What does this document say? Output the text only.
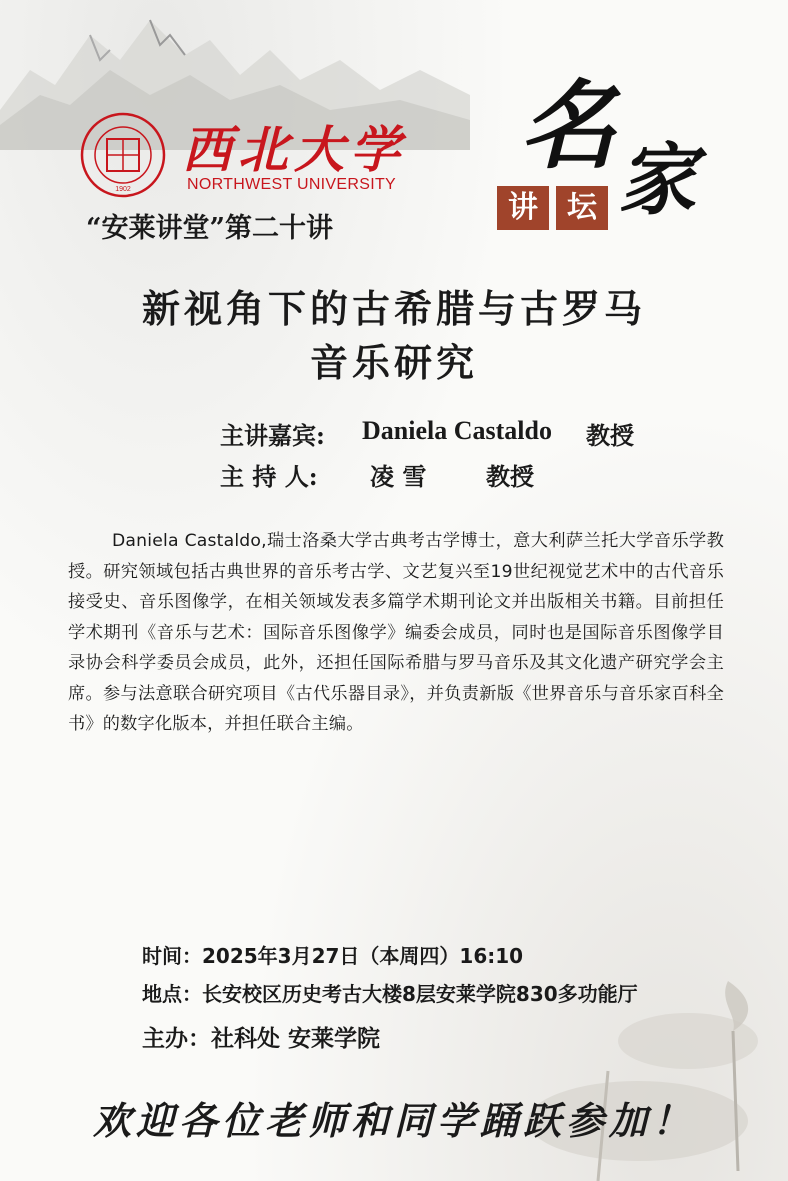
1902
西北大学
NORTHWEST UNIVERSITY
名 家
讲 坛
“安莱讲堂”第二十讲
新视角下的古希腊与古罗马
音乐研究
主讲嘉宾: Daniela Castaldo 教授
主 持 人: 凌 雪 教授

Daniela Castaldo,瑞士洛桑大学古典考古学博士，意大利萨兰托大学音乐学教授。研究领域包括古典世界的音乐考古学、文艺复兴至19世纪视觉艺术中的古代音乐接受史、音乐图像学，在相关领域发表多篇学术期刊论文并出版相关书籍。目前担任学术期刊《音乐与艺术：国际音乐图像学》编委会成员，同时也是国际音乐图像学目录协会科学委员会成员，此外，还担任国际希腊与罗马音乐及其文化遗产研究学会主席。参与法意联合研究项目《古代乐器目录》，并负责新版《世界音乐与音乐家百科全书》的数字化版本，并担任联合主编。

时间：2025年3月27日（本周四）16:10
地点：长安校区历史考古大楼8层安莱学院830多功能厅
主办：社科处 安莱学院
欢迎各位老师和同学踊跃参加！
